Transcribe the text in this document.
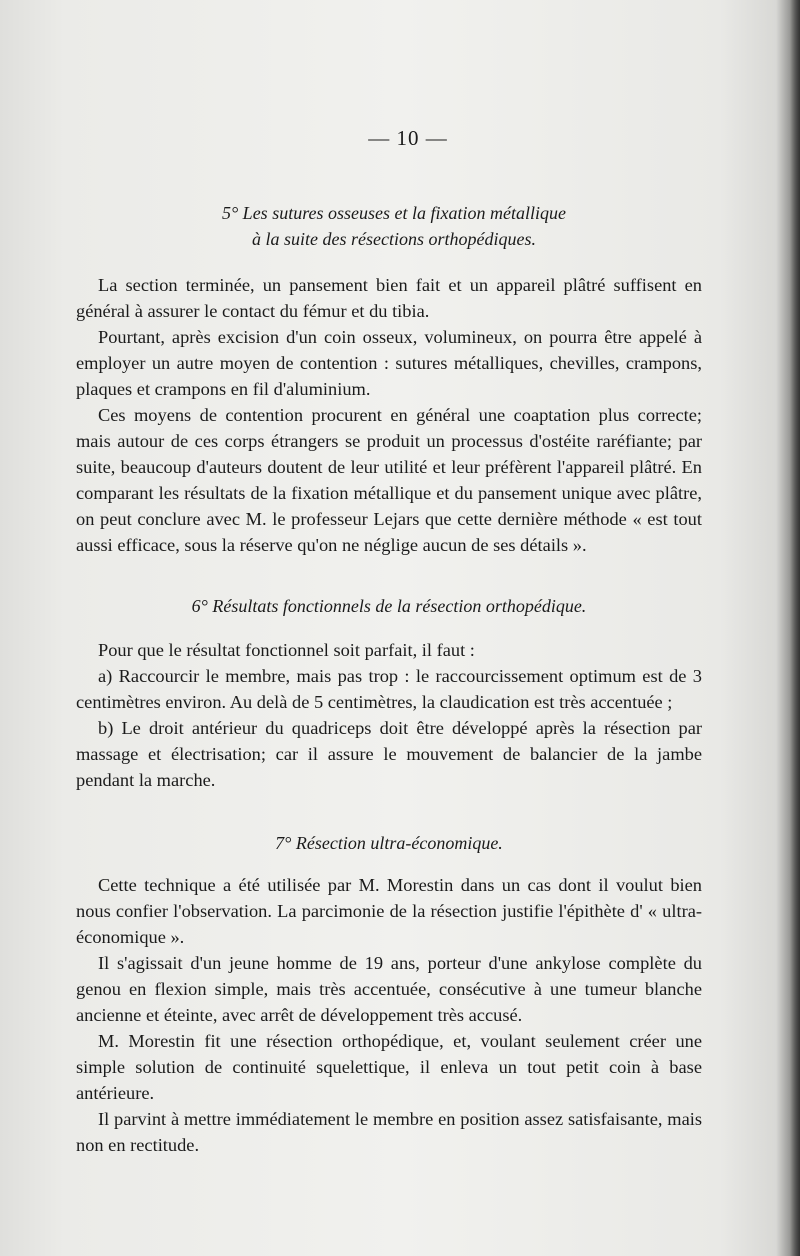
— 10 —

5° Les sutures osseuses et la fixation métallique

à la suite des résections orthopédiques.

La section terminée, un pansement bien fait et un appareil plâtré suffisent en général à assurer le contact du fémur et du tibia.

Pourtant, après excision d'un coin osseux, volumineux, on pourra être appelé à employer un autre moyen de contention : sutures métalliques, chevilles, crampons, plaques et crampons en fil d'aluminium.

Ces moyens de contention procurent en général une coaptation plus correcte; mais autour de ces corps étrangers se produit un processus d'ostéite raréfiante; par suite, beaucoup d'auteurs doutent de leur utilité et leur préfèrent l'appareil plâtré. En comparant les résultats de la fixation métallique et du pansement unique avec plâtre, on peut conclure avec M. le professeur Lejars que cette dernière méthode « est tout aussi efficace, sous la réserve qu'on ne néglige aucun de ses détails ».

6° Résultats fonctionnels de la résection orthopédique.

Pour que le résultat fonctionnel soit parfait, il faut :

a) Raccourcir le membre, mais pas trop : le raccourcissement optimum est de 3 centimètres environ. Au delà de 5 centimètres, la claudication est très accentuée ;

b) Le droit antérieur du quadriceps doit être développé après la résection par massage et électrisation; car il assure le mouvement de balancier de la jambe pendant la marche.

7° Résection ultra-économique.

Cette technique a été utilisée par M. Morestin dans un cas dont il voulut bien nous confier l'observation. La parcimonie de la résection justifie l'épithète d' « ultra-économique ».

Il s'agissait d'un jeune homme de 19 ans, porteur d'une ankylose complète du genou en flexion simple, mais très accentuée, consécutive à une tumeur blanche ancienne et éteinte, avec arrêt de développement très accusé.

M. Morestin fit une résection orthopédique, et, voulant seulement créer une simple solution de continuité squelettique, il enleva un tout petit coin à base antérieure.

Il parvint à mettre immédiatement le membre en position assez satisfaisante, mais non en rectitude.
